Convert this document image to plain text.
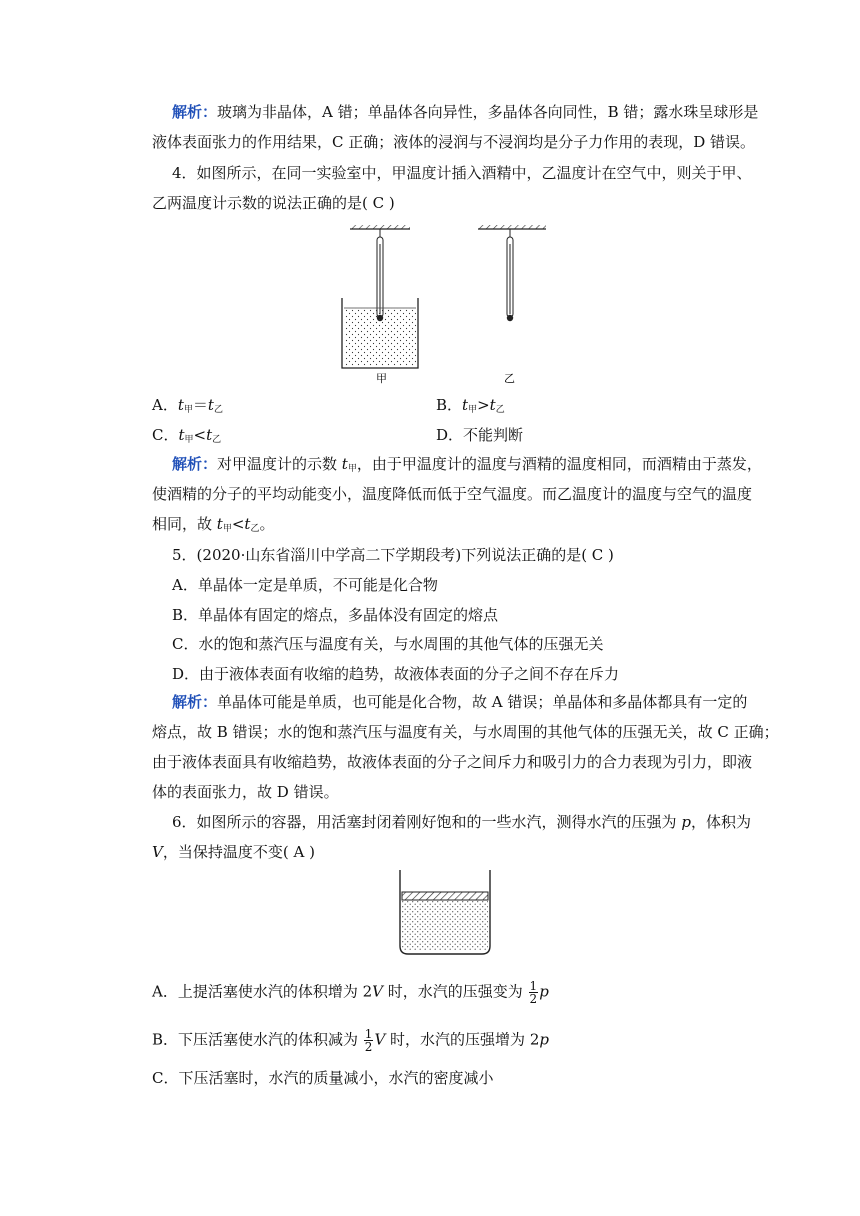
解析：玻璃为非晶体，A 错；单晶体各向异性，多晶体各向同性，B 错；露水珠呈球形是
液体表面张力的作用结果，C 正确；液体的浸润与不浸润均是分子力作用的表现，D 错误。
4．如图所示，在同一实验室中，甲温度计插入酒精中，乙温度计在空气中，则关于甲、
乙两温度计示数的说法正确的是( C )
甲	乙
A．$t_甲=t_乙$	B．$t_甲>t_乙$
C．$t_甲<t_乙$	D．不能判断
解析：对甲温度计的示数 $t_甲$，由于甲温度计的温度与酒精的温度相同，而酒精由于蒸发，
使酒精的分子的平均动能变小，温度降低而低于空气温度。而乙温度计的温度与空气的温度
相同，故 $t_甲<t_乙$。
5．(2020·山东省淄川中学高二下学期段考)下列说法正确的是( C )
A．单晶体一定是单质，不可能是化合物
B．单晶体有固定的熔点，多晶体没有固定的熔点
C．水的饱和蒸汽压与温度有关，与水周围的其他气体的压强无关
D．由于液体表面有收缩的趋势，故液体表面的分子之间不存在斥力
解析：单晶体可能是单质，也可能是化合物，故 A 错误；单晶体和多晶体都具有一定的
熔点，故 B 错误；水的饱和蒸汽压与温度有关，与水周围的其他气体的压强无关，故 C 正确；
由于液体表面具有收缩趋势，故液体表面的分子之间斥力和吸引力的合力表现为引力，即液
体的表面张力，故 D 错误。
6．如图所示的容器，用活塞封闭着刚好饱和的一些水汽，测得水汽的压强为 p，体积为
V，当保持温度不变( A )
A．上提活塞使水汽的体积增为 2V 时，水汽的压强变为 $\frac{1}{2}$ p
B．下压活塞使水汽的体积减为 $\frac{1}{2}$ V 时，水汽的压强增为 2p
C．下压活塞时，水汽的质量减小，水汽的密度减小
